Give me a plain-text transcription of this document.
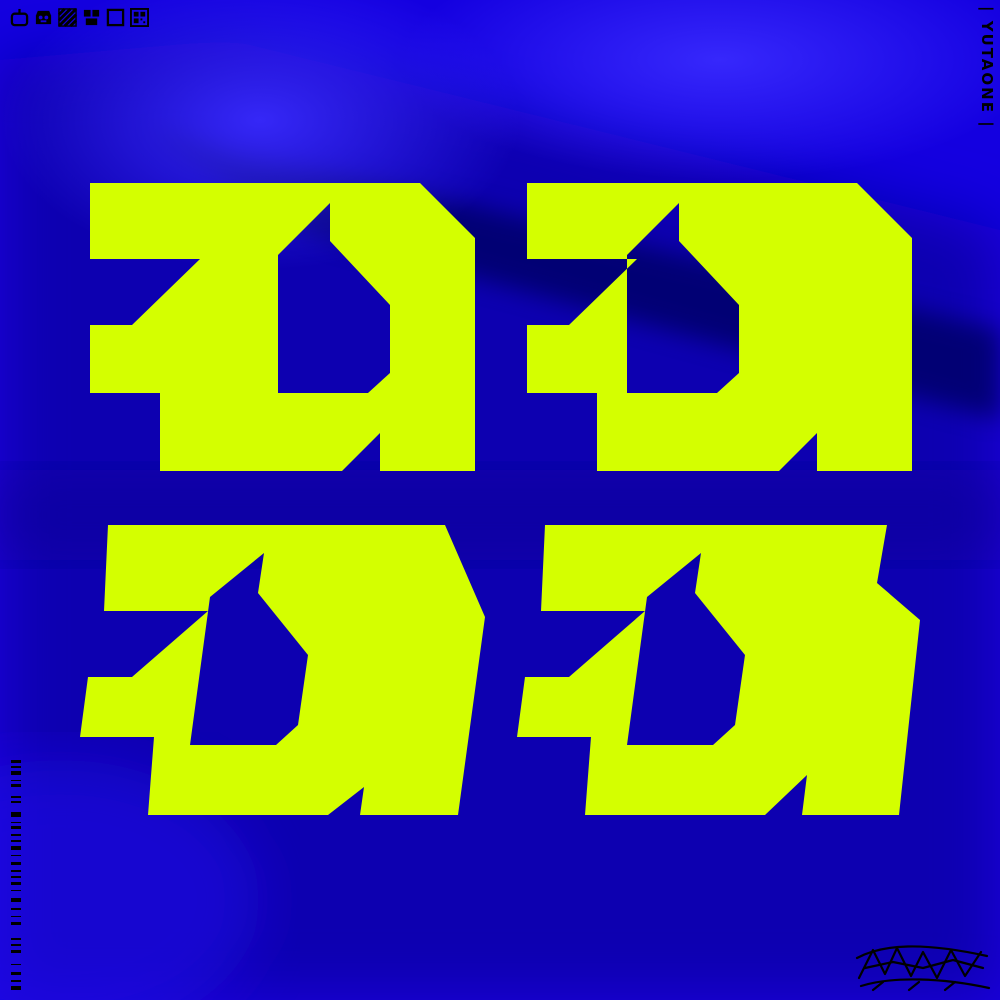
| YUTAONE |
